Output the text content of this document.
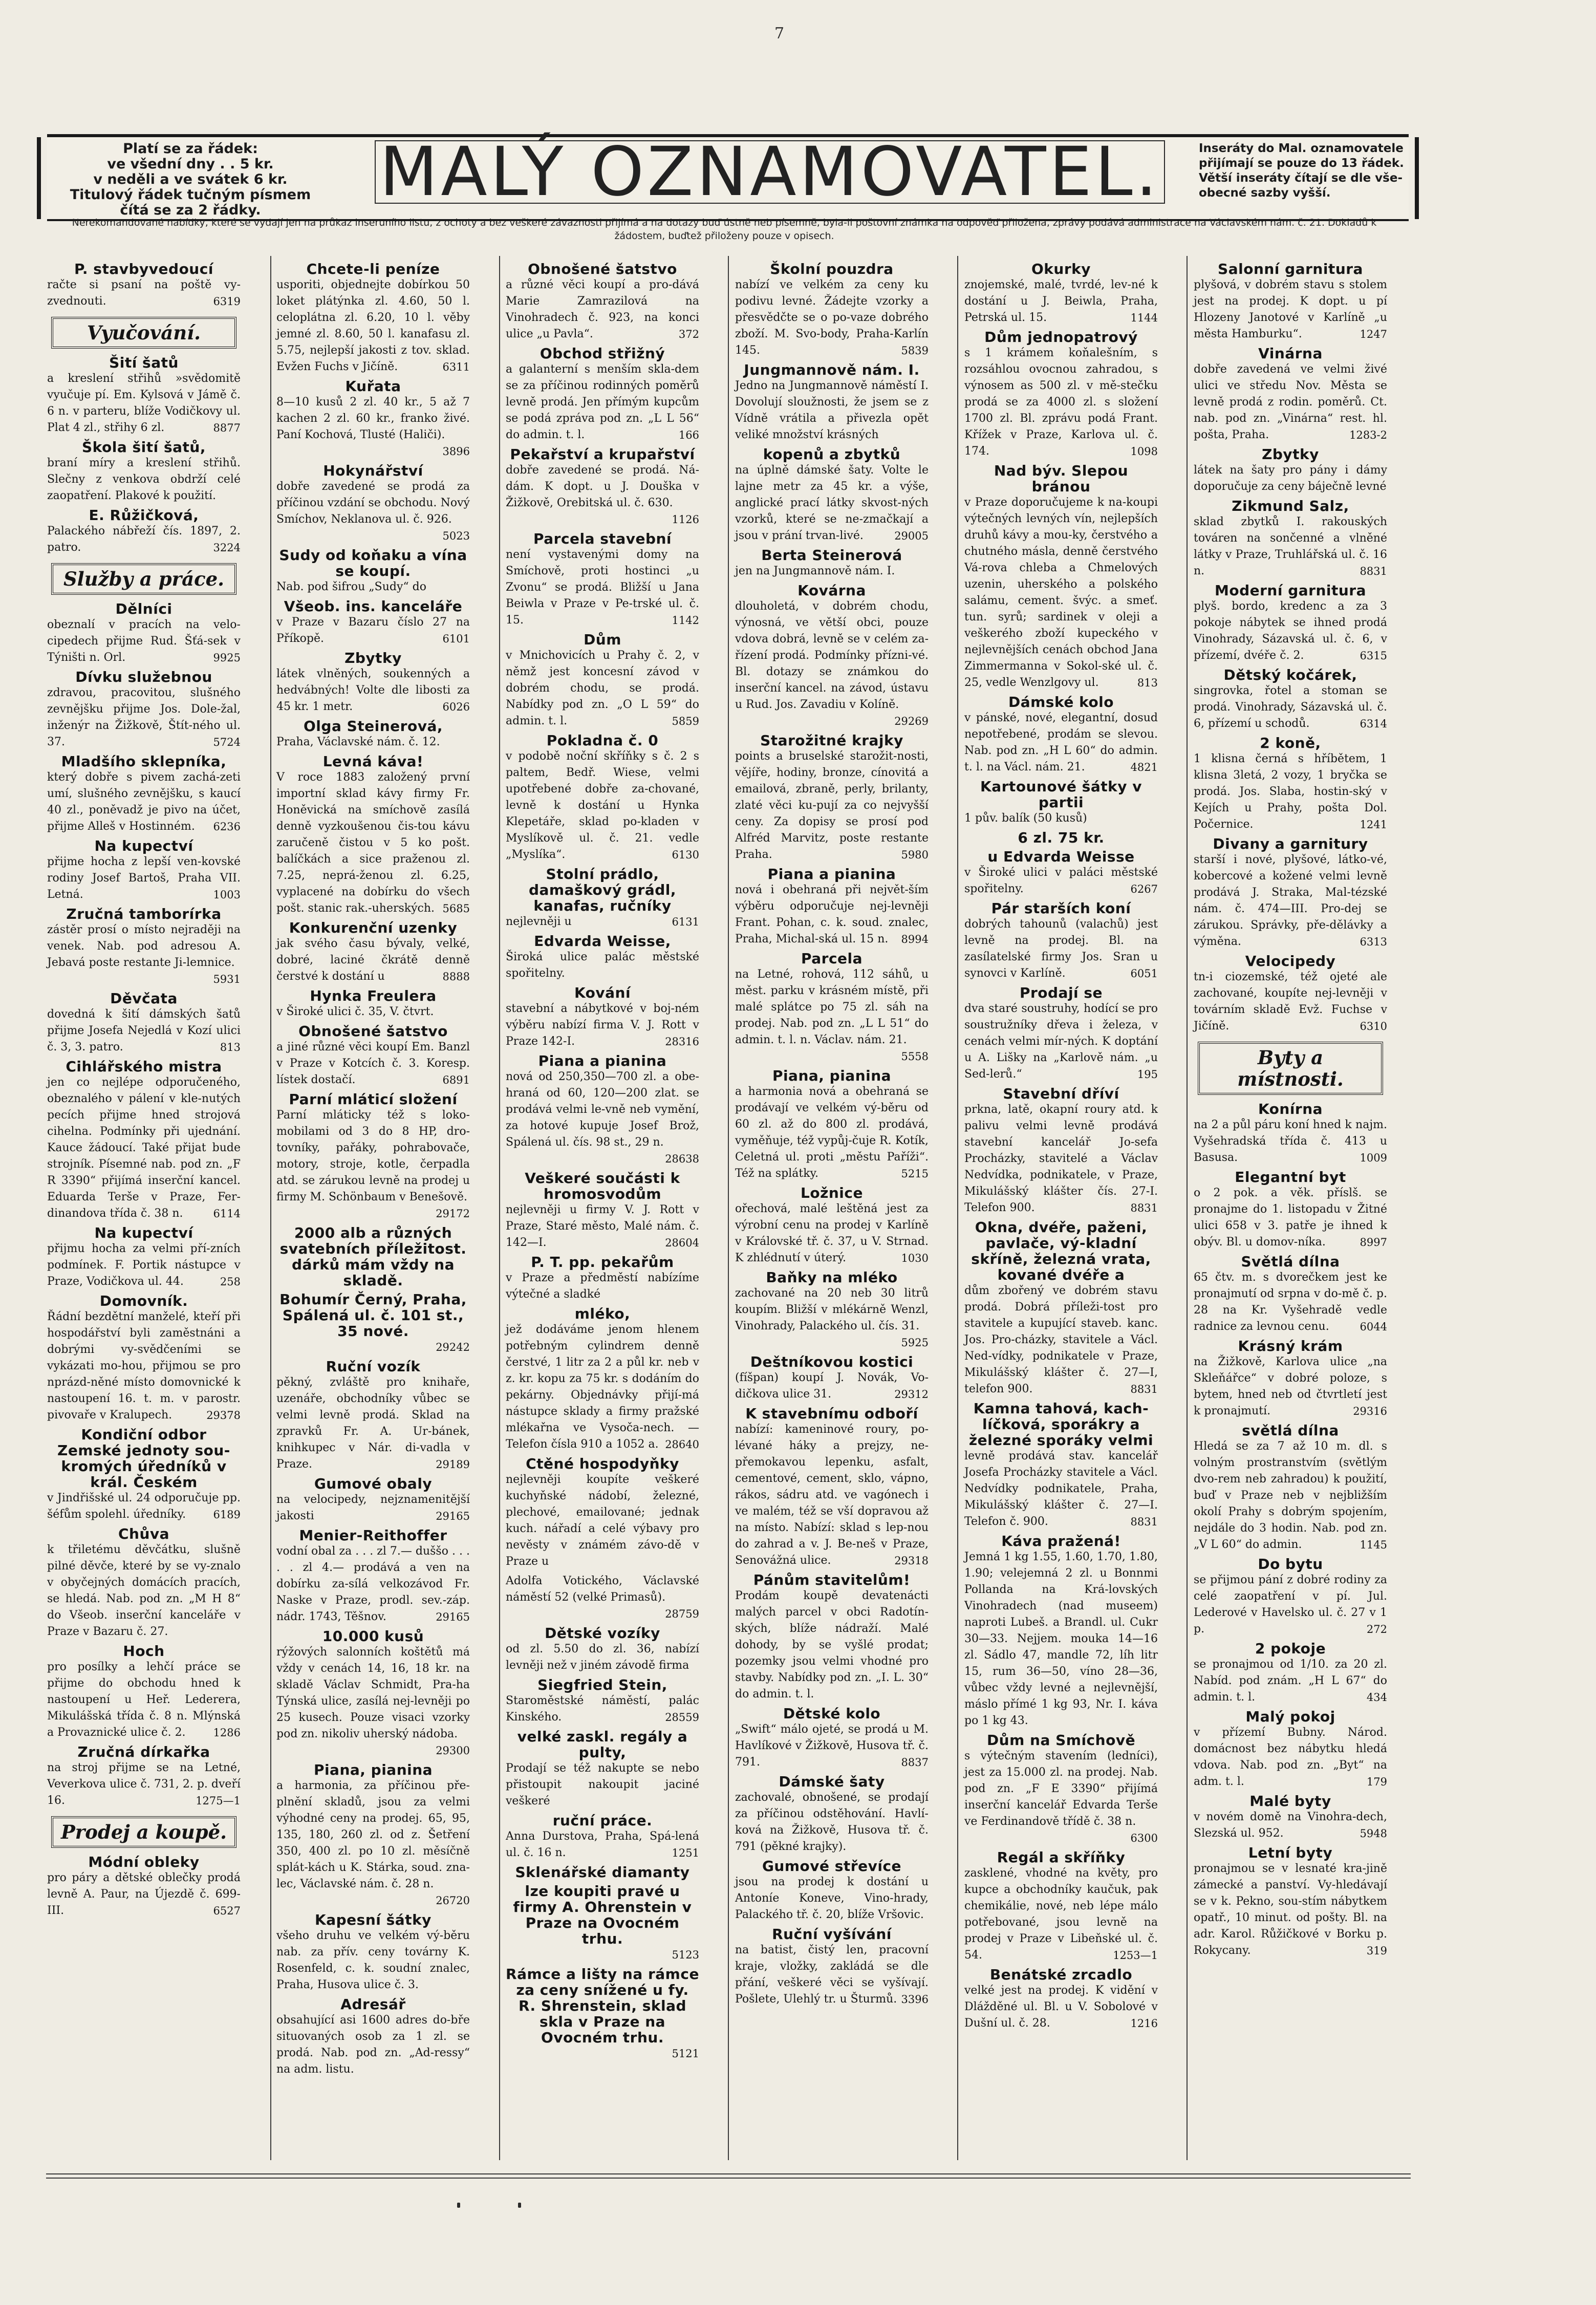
7
Platí se za řádek:
ve všední dny . . 5 kr.
v neděli a ve svátek 6 kr.
Titulový řádek tučným písmem
čítá se za 2 řádky.	MALÝ OZNAMOVATEL.	Inseráty do Mal. oznamovatele
přijímají se pouze do 13 řádek.
Větší inseráty čítají se dle vše-
obecné sazby vyšší.
Nerekomandované nabídky, které se vydají jen na průkaz inseruního listu, z ochoty a bez veškeré závaznosti přijímá a na dotazy buď ústně neb písemně, byla-li poštovní známka na odpověď přiložena, zprávy podává administrace na Václavském nám. č. 21. Dokladů k žádostem, buďtež přiloženy pouze v opisech.
P. stavbyvedoucí
račte si psaní na poště vy-zvednouti.	6319
Vyučování.
Šití šatů
a kreslení střihů »svědomitě vyučuje pí. Em. Kylsová v Jámě č. 6 n. v parteru, blíže Vodičkovy ul. Plat 4 zl., střihy 6 zl.	8877
Škola šití šatů,
braní míry a kreslení střihů. Slečny z venkova obdrží celé zaopatření. Plakové k použití.
E. Růžičková,
Palackého nábřeží čís. 1897, 2. patro.	3224
Služby a práce.
Dělníci
obeznalí v pracích na velo-cipedech přijme Rud. Šťá-sek v Týništi n. Orl.	9925
Dívku služebnou
zdravou, pracovitou, slušného zevnějšku přijme Jos. Dole-žal, inženýr na Žižkově, Štít-ného ul. 37.	5724
Mladšího sklepníka,
který dobře s pivem zachá-zeti umí, slušného zevnějšku, s kaucí 40 zl., poněvadž je pivo na účet, přijme Alleš v Hostinném. 6236
Na kupectví
přijme hocha z lepší ven-kovské rodiny Josef Bartoš, Praha VII. Letná.	1003
Zručná tamborírka
zástěr prosí o místo nejraději na venek. Nab. pod adresou A. Jebavá poste restante Ji-lemnice.
5931
Děvčata
dovedná k šití dámských šatů přijme Josefa Nejedlá v Kozí ulici č. 3, 3. patro.	813
Cihlářského mistra
jen co nejlépe odporučeného, obeznalého v pálení v kle-nutých pecích přijme hned strojová cihelna. Podmínky při ujednání. Kauce žádoucí. Také přijat bude strojník. Písemné nab. pod zn. „F R 3390“ přijímá inserční kancel. Eduarda Terše v Praze, Fer-dinandova třída č. 38 n.	6114
Na kupectví
přijmu hocha za velmi pří-zních podmínek. F. Portik nástupce v Praze, Vodičkova ul. 44.	258
Domovník.
Řádní bezdětní manželé, kteří při hospodářství byli zaměstnáni a dobrými vy-svědčeními se vykázati mo-hou, přijmou se pro nprázd-něné místo domovnické k nastoupení 16. t. m. v parostr. pivovaře v Kralupech.	29378
Kondiční odbor Zemské jednoty sou-kromých úředníků v král. Českém
v Jindřišské ul. 24 odporučuje pp. šéfům spolehl. úředníky.	6189
Chůva
k třiletému děvčátku, slušně pilné děvče, které by se vy-znalo v obyčejných domácích pracích, se hledá. Nab. pod zn. „M H 8“ do Všeob. inserční kanceláře v Praze v Bazaru č. 27.
Hoch
pro posílky a lehčí práce se přijme do obchodu hned k nastoupení u Heř. Lederera, Mikulášská třída č. 8 n. Mlýnská a Provaznické ulice č. 2.	1286
Zručná dírkařka
na stroj přijme se na Letné, Veverkova ulice č. 731, 2. p. dveří 16.	1275—1
Prodej a koupě.
Módní obleky
pro páry a dětské oblečky prodá levně A. Paur, na Újezdě č. 699-III.	6527
Chcete-li peníze
usporiti, objednejte dobírkou 50 loket plátýnka zl. 4.60, 50 l. celoplátna zl. 6.20, 10 l. věby jemné zl. 8.60, 50 l. kanafasu zl. 5.75, nejlepší jakosti z tov. sklad. Evžen Fuchs v Jičíně.	6311
Kuřata
8—10 kusů 2 zl. 40 kr., 5 až 7 kachen 2 zl. 60 kr., franko živé. Paní Kochová, Tlusté (Haliči).
3896
Hokynářství
dobře zavedené se prodá za příčinou vzdání se obchodu. Nový Smíchov, Neklanova ul. č. 926.
5023
Sudy od koňaku a vína se koupí.
Nab. pod šifrou „Sudy“ do
Všeob. ins. kanceláře
v Praze v Bazaru číslo 27 na Příkopě.	6101
Zbytky
látek vlněných, soukenných a hedvábných! Volte dle libosti za 45 kr. 1 metr.	6026
Olga Steinerová,
Praha, Václavské nám. č. 12.
Levná káva!
V roce 1883 založený první importní sklad kávy firmy Fr. Honěvická na smíchově zasílá denně vyzkoušenou čis-tou kávu zaručeně čistou v 5 ko pošt. balíčkách a sice praženou zl. 7.25, neprá-ženou zl. 6.25, vyplacené na dobírku do všech pošt. stanic rak.-uherských. 5685
Konkurenční uzenky
jak svého času bývaly, velké, dobré, laciné čkrátě denně čerstvé k dostání u	8888
Hynka Freulera
v Široké ulici č. 35, V. čtvrt.
Obnošené šatstvo
a jiné různé věci koupí Em. Banzl v Praze v Kotcích č. 3. Koresp. lístek dostačí.	6891
Parní mláticí složení
Parní mláticky též s loko-mobilami od 3 do 8 HP, dro-tovníky, pařáky, pohrabovače, motory, stroje, kotle, čerpadla atd. se zárukou levně na prodej u firmy M. Schönbaum v Benešově.
29172
2000 alb a různých svatebních příležitost. dárků mám vždy na skladě.
Bohumír Černý, Praha, Spálená ul. č. 101 st., 35 nové.
29242
Ruční vozík
pěkný, zvláště pro knihaře, uzenáře, obchodníky vůbec se velmi levně prodá. Sklad na zpravků Fr. A. Ur-bánek, knihkupec v Nár. di-vadla v Praze.	29189
Gumové obaly
na velocipedy, nejznamenitější jakosti	29165
Menier-Reithoffer
vodní obal za . . . zl 7.— duššo . . . . . zl 4.— prodává a ven na dobírku za-sílá velkozávod Fr. Naske v Praze, prodl. sev.-záp. nádr. 1743, Těšnov.	29165
10.000 kusů
rýžových salonních koštětů má vždy v cenách 14, 16, 18 kr. na skladě Václav Schmidt, Pra-ha Týnská ulice, zasílá nej-levněji po 25 kusech. Pouze visaci vzorky pod zn. nikoliv uherský nádoba.
29300
Piana, pianina
a harmonia, za příčinou pře-plnění skladů, jsou za velmi výhodné ceny na prodej. 65, 95, 135, 180, 260 zl. od z. Šetření 350, 400 zl. po 10 zl. měsíčně splát-kách u K. Stárka, soud. zna-lec, Václavské nám. č. 28 n.
26720
Kapesní šátky
všeho druhu ve velkém vý-běru nab. za přív. ceny továrny K. Rosenfeld, c. k. soudní znalec, Praha, Husova ulice č. 3.
Adresář
obsahující asi 1600 adres do-bře situovaných osob za 1 zl. se prodá. Nab. pod zn. „Ad-ressy“ na adm. listu.
Obnošené šatstvo
a různé věci koupí a pro-dává Marie Zamrazilová na Vinohradech č. 923, na konci ulice „u Pavla“.	372
Obchod střižný
a galanterní s menším skla-dem se za příčinou rodinných poměrů levně prodá. Jen přímým kupcům se podá zpráva pod zn. „L L 56“ do admin. t. l.	166
Pekařství a krupařství
dobře zavedené se prodá. Ná-dám. K dopt. u J. Douška v Žižkově, Orebitská ul. č. 630.
1126
Parcela stavební
není vystavenými domy na Smíchově, proti hostinci „u Zvonu“ se prodá. Bližší u Jana Beiwla v Praze v Pe-trské ul. č. 15.	1142
Dům
v Mnichovicích u Prahy č. 2, v němž jest koncesní závod v dobrém chodu, se prodá. Nabídky pod zn. „O L 59“ do admin. t. l.	5859
Pokladna č. 0
v podobě noční skříňky s č. 2 s paltem, Bedř. Wiese, velmi upotřebené dobře za-chované, levně k dostání u Hynka Klepetáře, sklad po-kladen v Myslíkově ul. č. 21. vedle „Myslíka“.	6130
Stolní prádlo, damaškový grádl, kanafas, ručníky
nejlevněji u	6131
Edvarda Weisse,
Široká ulice palác městské spořitelny.
Kování
stavební a nábytkové v boj-ném výběru nabízí firma V. J. Rott v Praze 142-I.	28316
Piana a pianina
nová od 250,350—700 zl. a obe-hraná od 60, 120—200 zlat. se prodává velmi le-vně neb vymění, za hotové kupuje Josef Brož, Spálená ul. čís. 98 st., 29 n.
28638
Veškeré součásti k hromosvodům
nejlevněji u firmy V. J. Rott v Praze, Staré město, Malé nám. č. 142—I.	28604
P. T. pp. pekařům
v Praze a předměstí nabízíme výtečné a sladké
mléko,
jež dodáváme jenom hlenem potřebným cylindrem denně čerstvé, 1 litr za 2 a půl kr. neb v z. kr. kopu za 75 kr. s dodáním do pekárny. Objednávky přijí-má nástupce sklady a firmy pražské mlékařna ve Vysoča-nech. — Telefon čísla 910 a 1052 a. 28640
Ctěné hospodyňky
nejlevněji koupíte veškeré kuchyňské nádobí, železné, plechové, emailované; jednak kuch. nářadí a celé výbavy pro nevěsty v známém závo-dě v Praze u
Adolfa Votického, Václavské náměstí 52 (velké Primasů).
28759
Dětské vozíky
od zl. 5.50 do zl. 36, nabízí levněji než v jiném závodě firma
Siegfried Stein,
Staroměstské náměstí, palác Kinského.	28559
velké zaskl. regály a pulty,
Prodají se též nakupte se nebo přistoupit nakoupit jaciné veškeré
ruční práce.
Anna Durstova, Praha, Spá-lená ul. č. 16 n.	1251
Sklenářské diamanty
lze koupiti pravé u firmy A. Ohrenstein v Praze na Ovocném trhu.
5123
Rámce a lišty na rámce za ceny snížené u fy. R. Shrenstein, sklad skla v Praze na Ovocném trhu.
5121
Školní pouzdra
nabízí ve velkém za ceny ku podivu levné. Žádejte vzorky a přesvědčte se o po-vaze dobrého zboží. M. Svo-body, Praha-Karlín 145.	5839
Jungmannově nám. I.
Jedno na Jungmannově náměstí I. Dovolují sloužnosti, že jsem se z Vídně vrátila a přivezla opět veliké množství krásných
kopenů a zbytků
na úplně dámské šaty. Volte le lajne metr za 45 kr. a výše, anglické prací látky skvost-ných vzorků, které se ne-zmačkají a jsou v prání trvan-livé.	29005
Berta Steinerová
jen na Jungmannově nám. I.
Kovárna
dlouholetá, v dobrém chodu, výnosná, ve větší obci, pouze vdova dobrá, levně se v celém za-řízení prodá. Podmínky přízni-vé. Bl. dotazy se známkou do inserční kancel. na závod, ústavu u Rud. Jos. Zavadiu v Kolíně.
29269
Starožitné krajky
points a bruselské starožit-nosti, vějíře, hodiny, bronze, cínovitá a emailová, zbraně, perly, brilanty, zlaté věci ku-pují za co nejvyšší ceny. Za dopisy se prosí pod Alfréd Marvitz, poste restante Praha.	5980
Piana a pianina
nová i obehraná při největ-ším výběru odporučuje nej-levněji Frant. Pohan, c. k. soud. znalec, Praha, Michal-ská ul. 15 n. 8994
Parcela
na Letné, rohová, 112 sáhů, u měst. parku v krásném místě, při malé splátce po 75 zl. sáh na prodej. Nab. pod zn. „L L 51“ do admin. t. l. n. Václav. nám. 21.
5558
Piana, pianina
a harmonia nová a obehraná se prodávají ve velkém vý-běru od 60 zl. až do 800 zl. prodává, vyměňuje, též vypůj-čuje R. Kotík, Celetná ul. proti „městu Paříži“. Též na splátky.	5215
Ložnice
ořechová, malé leštěná jest za výrobní cenu na prodej v Karlíně v Královské tř. č. 37, u V. Strnad. K zhlédnutí v úterý.	1030
Baňky na mléko
zachované na 20 neb 30 litrů koupím. Bližší v mlékárně Wenzl, Vinohrady, Palackého ul. čís. 31.
5925
Deštníkovou kostici
(fíšpan) koupí J. Novák, Vo-dičkova ulice 31.	29312
K stavebnímu odboří
nabízí: kameninové roury, po-lévané háky a prejzy, ne-přemokavou lepenku, asfalt, cementové, cement, sklo, vápno, rákos, sádru atd. ve vagónech i ve malém, též se vší dopravou až na místo. Nabízí: sklad s lep-nou do zahrad a v. J. Be-neš v Praze, Senovážná ulice.	29318
Pánům stavitelům!
Prodám koupě devatenácti malých parcel v obci Radotín-ských, blíže nádraží. Malé dohody, by se vyšlé prodat; pozemky jsou velmi vhodné pro stavby. Nabídky pod zn. „I. L. 30“ do admin. t. l.
Dětské kolo
„Swift“ málo ojeté, se prodá u M. Havlíkové v Žižkově, Husova tř. č. 791.	8837
Dámské šaty
zachovalé, obnošené, se prodají za příčinou odstěhování. Havlí-ková na Žižkově, Husova tř. č. 791 (pěkné krajky).
Gumové střevíce
jsou na prodej k dostání u Antoníe Koneve, Vino-hrady, Palackého tř. č. 20, blíže Vršovic.
Ruční vyšívání
na batist, čistý len, pracovní kraje, vložky, zakládá se dle přání, veškeré věci se vyšívají. Pošlete, Ulehlý tr. u Šturmů. 3396
Okurky
znojemské, malé, tvrdé, lev-né k dostání u J. Beiwla, Praha, Petrská ul. 15.	1144
Dům jednopatrový
s 1 krámem koňalešním, s rozsáhlou ovocnou zahradou, s výnosem as 500 zl. v mě-stečku prodá se za 4000 zl. s složení 1700 zl. Bl. zprávu podá Frant. Křížek v Praze, Karlova ul. č. 174.	1098
Nad býv. Slepou bránou
v Praze doporučujeme k na-koupi výtečných levných vín, nejlepších druhů kávy a mou-ky, čerstvého a chutného másla, denně čerstvého Vá-rova chleba a Chmelových uzenin, uherského a polského salámu, cement. švýc. a smeť. tun. syrů; sardinek v oleji a veškerého zboží kupeckého v nejlevnějších cenách obchod Jana Zimmermanna v Sokol-ské ul. č. 25, vedle Wenzlgovy ul.	813
Dámské kolo
v pánské, nové, elegantní, dosud nepotřebené, prodám se slevou. Nab. pod zn. „H L 60“ do admin. t. l. na Václ. nám. 21.	4821
Kartounové šátky v partii
1 pův. balík (50 kusů)
6 zl. 75 kr.
u Edvarda Weisse
v Široké ulici v paláci městské spořitelny.	6267
Pár starších koní
dobrých tahounů (valachů) jest levně na prodej. Bl. na zasílatelské firmy Jos. Sran u synovci v Karlíně.	6051
Prodají se
dva staré soustruhy, hodící se pro soustružníky dřeva i železa, v cenách velmi mír-ných. K doptání u A. Lišky na „Karlově nám. „u Sed-lerů.“	195
Stavební dříví
prkna, latě, okapní roury atd. k palivu velmi levně prodává stavební kancelář Jo-sefa Procházky, stavitelé a Václav Nedvídka, podnikatele, v Praze, Mikulášský klášter čís. 27-I. Telefon 900.	8831
Okna, dvéře, paženi, pavlače, vý-kladní skříně, železná vrata, kované dvéře a
dům zbořený ve dobrém stavu prodá. Dobrá příleži-tost pro stavitele a kupující staveb. kanc. Jos. Pro-cházky, stavitele a Václ. Ned-vídky, podnikatele v Praze, Mikulášský klášter č. 27—I, telefon 900.	8831
Kamna tahová, kach-líčková, sporákry a železné sporáky velmi
levně prodává stav. kancelář Josefa Procházky stavitele a Václ. Nedvídky podnikatele, Praha, Mikulášský klášter č. 27—I. Telefon č. 900.	8831
Káva pražená!
Jemná 1 kg 1.55, 1.60, 1.70, 1.80, 1.90; velejemná 2 zl. u Bonnmi Pollanda na Krá-lovských Vinohradech (nad museem) naproti Lubeš. a Brandl. ul. Cukr 30—33. Nejjem. mouka 14—16 zl. Sádlo 47, mandle 72, líh litr 15, rum 36—50, víno 28—36, vůbec vždy levné a nejlevnější, máslo přímé 1 kg 93, Nr. I. káva po 1 kg 43.
Dům na Smíchově
s výtečným stavením (ledníci), jest za 15.000 zl. na prodej. Nab. pod zn. „F E 3390“ přijímá inserční kancelář Edvarda Terše ve Ferdinandově třídě č. 38 n.
6300
Regál a skříňky
zasklené, vhodné na květy, pro kupce a obchodníky kaučuk, pak chemikálie, nové, neb lépe málo potřebované, jsou levně na prodej v Praze v Libeňské ul. č. 54.	1253—1
Benátské zrcadlo
velké jest na prodej. K vidění v Dlážděné ul. Bl. u V. Sobolové v Dušní ul. č. 28.	1216
Salonní garnitura
plyšová, v dobrém stavu s stolem jest na prodej. K dopt. u pí Hlozeny Janotové v Karlíně „u města Hamburku“.	1247
Vinárna
dobře zavedená ve velmi živé ulici ve středu Nov. Města se levně prodá z rodin. poměrů. Ct. nab. pod zn. „Vinárna“ rest. hl. pošta, Praha.	1283-2
Zbytky
látek na šaty pro pány i dámy doporučuje za ceny báječně levné
Zikmund Salz,
sklad zbytků I. rakouských továren na sončenné a vlněné látky v Praze, Truhlářská ul. č. 16 n.	8831
Moderní garnitura
plyš. bordo, kredenc a za 3 pokoje nábytek se ihned prodá Vinohrady, Sázavská ul. č. 6, v přízemí, dvéře č. 2.	6315
Dětský kočárek,
singrovka, řotel a stoman se prodá. Vinohrady, Sázavská ul. č. 6, přízemí u schodů.	6314
2 koně,
1 klisna černá s hříbětem, 1 klisna 3letá, 2 vozy, 1 bryčka se prodá. Jos. Slaba, hostin-ský v Kejích u Prahy, pošta Dol. Počernice.	1241
Divany a garnitury
starší i nové, plyšové, látko-vé, kobercové a kožené velmi levně prodává J. Straka, Mal-tézské nám. č. 474—III. Pro-dej se zárukou. Správky, pře-dělávky a výměna.	6313
Velocipedy
tn-i ciozemské, též ojeté ale zachované, koupíte nej-levněji v továrním skladě Evž. Fuchse v Jičíně.	6310
Byty a místnosti.
Konírna
na 2 a půl páru koní hned k najm. Vyšehradská třída č. 413 u Basusa.	1009
Elegantní byt
o 2 pok. a věk. příslš. se pronajme do 1. listopadu v Žitné ulici 658 v 3. patře je ihned k obýv. Bl. u domov-níka.	8997
Světlá dílna
65 čtv. m. s dvorečkem jest ke pronajmutí od srpna v do-mě č. p. 28 na Kr. Vyšehradě vedle radnice za levnou cenu.	6044
Krásný krám
na Žižkově, Karlova ulice „na Skleňářce“ v dobré poloze, s bytem, hned neb od čtvrtletí jest k pronajmutí.	29316
světlá dílna
Hledá se za 7 až 10 m. dl. s volným prostranstvím (světlým dvo-rem neb zahradou) k použití, buď v Praze neb v nejbližším okolí Prahy s dobrým spojením, nejdále do 3 hodin. Nab. pod zn. „V L 60“ do admin.	1145
Do bytu
se přijmou pání z dobré rodiny za celé zaopatření v pí. Jul. Lederové v Havelsko ul. č. 27 v 1 p.	272
2 pokoje
se pronajmou od 1/10. za 20 zl. Nabíd. pod znám. „H L 67“ do admin. t. l.	434
Malý pokoj
v přízemí Bubny. Národ. domácnost bez nábytku hledá vdova. Nab. pod zn. „Byt“ na adm. t. l.	179
Malé byty
v novém domě na Vinohra-dech, Slezská ul. 952.	5948
Letní byty
pronajmou se v lesnaté kra-jině zámecké a panství. Vy-hledávají se v k. Pekno, sou-stím nábytkem opatř., 10 minut. od pošty. Bl. na adr. Karol. Růžičkové v Borku p. Rokycany.	319
